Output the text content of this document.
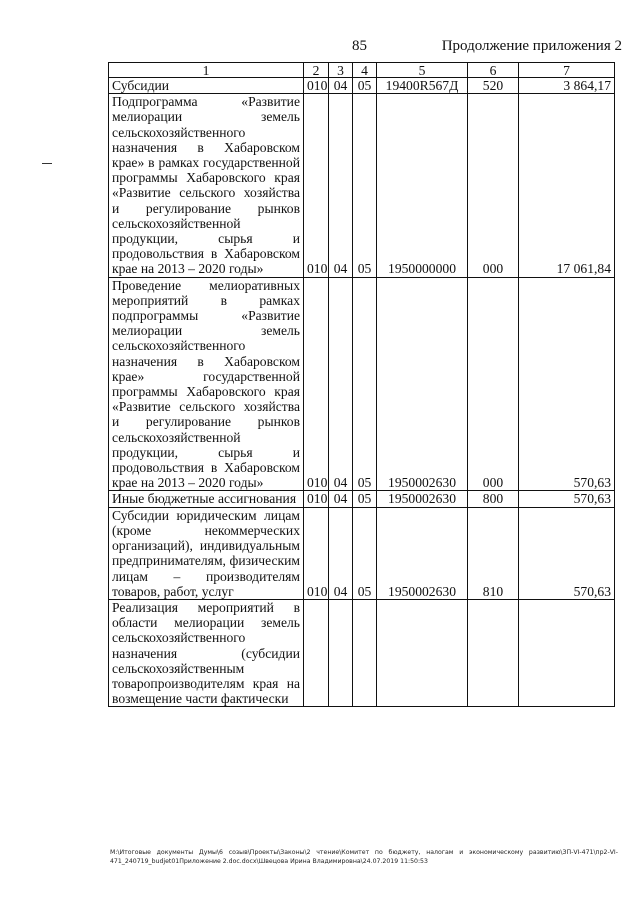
85	Продолжение приложения 2
1	2	3	4	5	6	7
Субсидии	010	04	05	19400R567Д	520	3 864,17
Подпрограмма «Развитие мелиорации земель сельскохозяйственного назначения в Хабаровском крае» в рамках государственной программы Хабаровского края «Развитие сельского хозяйства и регулирование рынков сельскохозяйственной продукции, сырья и продовольствия в Хабаровском крае на 2013 – 2020 годы»	010	04	05	1950000000	000	17 061,84
Проведение мелиоративных мероприятий в рамках подпрограммы «Развитие мелиорации земель сельскохозяйственного назначения в Хабаровском крае» государственной программы Хабаровского края «Развитие сельского хозяйства и регулирование рынков сельскохозяйственной продукции, сырья и продовольствия в Хабаровском крае на 2013 – 2020 годы»	010	04	05	1950002630	000	570,63
Иные бюджетные ассигнования	010	04	05	1950002630	800	570,63
Субсидии юридическим лицам (кроме некоммерческих организаций), индивидуальным предпринимателям, физическим лицам – производителям товаров, работ, услуг	010	04	05	1950002630	810	570,63
Реализация мероприятий в области мелиорации земель сельскохозяйственного назначения (субсидии сельскохозяйственным товаропроизводителям края на возмещение части фактически						
M:\Итоговые документы Думы\6 созыв\Проекты\Законы\2 чтение\Комитет по бюджету, налогам и экономическому развитию\ЗП-VI-471\пр2-VI-471_240719_budjet01Приложение 2.doc.docx\Швецова Ирина Владимировна\24.07.2019 11:50:53
